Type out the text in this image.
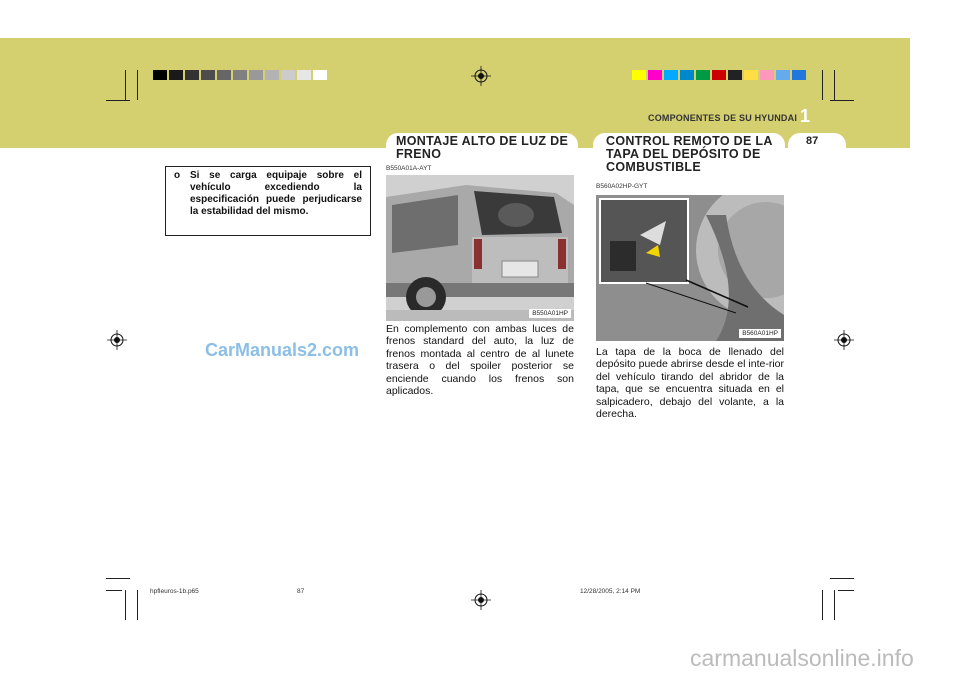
COMPONENTES DE SU HYUNDAI 1
87
o Si se carga equipaje sobre el vehículo excediendo la especificación puede perjudicarse la estabilidad del mismo.
MONTAJE ALTO DE LUZ DE FRENO
B550A01A-AYT
B550A01HP
En complemento con ambas luces de frenos standard del auto, la luz de frenos montada al centro de al lunete trasera o del spoiler posterior se enciende cuando los frenos son aplicados.
CONTROL REMOTO DE LA TAPA DEL DEPÓSITO DE COMBUSTIBLE
B560A02HP-GYT
B560A01HP
La tapa de la boca de llenado del depósito puede abrirse desde el inte-rior del vehículo tirando del abridor de la tapa, que se encuentra situada en el salpicadero, debajo del volante, a la derecha.
CarManuals2.com
hpfleuros-1b.p65	87	12/28/2005, 2:14 PM
carmanualsonline.info
